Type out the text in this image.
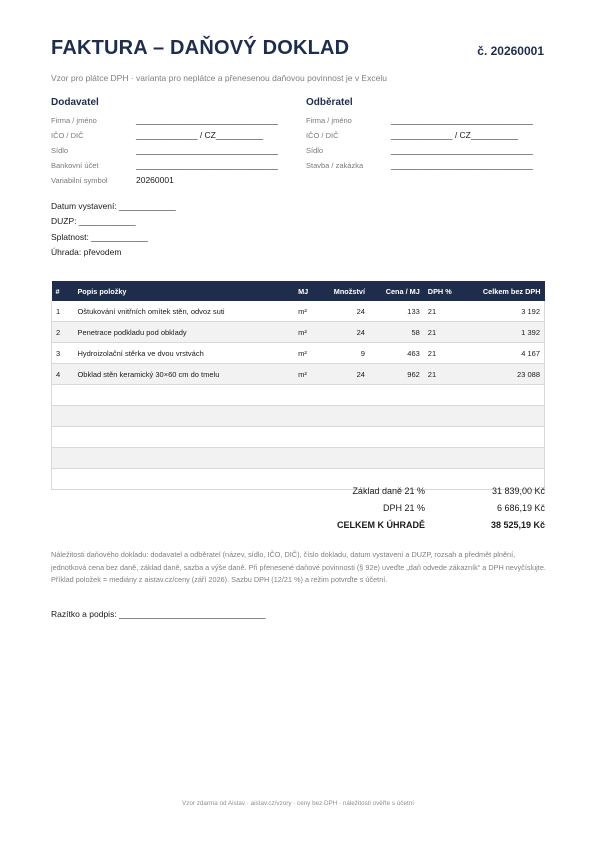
FAKTURA – DAŇOVÝ DOKLAD	č. 20260001
Vzor pro plátce DPH · varianta pro neplátce a přenesenou daňovou povinnost je v Excelu
Dodavatel
Firma / jméno	______________________________
IČO / DIČ	_____________ / CZ__________
Sídlo	______________________________
Bankovní účet	______________________________
Variabilní symbol	20260001
Odběratel
Firma / jméno	______________________________
IČO / DIČ	_____________ / CZ__________
Sídlo	______________________________
Stavba / zakázka	______________________________
Datum vystavení: ____________
DUZP: ____________
Splatnost: ____________
Úhrada: převodem
#	Popis položky	MJ	Množství	Cena / MJ	DPH %	Celkem bez DPH
1	Oštukování vnitřních omítek stěn, odvoz suti	m²	24	133	21	3 192
2	Penetrace podkladu pod obklady	m²	24	58	21	1 392
3	Hydroizolační stěrka ve dvou vrstvách	m²	9	463	21	4 167
4	Obklad stěn keramický 30×60 cm do tmelu	m²	24	962	21	23 088

Základ daně 21 %	31 839,00 Kč
DPH 21 %	6 686,19 Kč
CELKEM K ÚHRADĚ	38 525,19 Kč
Náležitosti daňového dokladu: dodavatel a odběratel (název, sídlo, IČO, DIČ), číslo dokladu, datum vystavení a DUZP, rozsah a předmět plnění,
jednotková cena bez daně, základ daně, sazba a výše daně. Při přenesené daňové povinnosti (§ 92e) uveďte „daň odvede zákazník“ a DPH nevyčíslujte.
Příklad položek = mediány z aistav.cz/ceny (září 2026). Sazbu DPH (12/21 %) a režim potvrďte s účetní.
Razítko a podpis: _______________________________
Vzor zdarma od Aistav · aistav.cz/vzory · ceny bez DPH · náležitosti ověřte s účetní
